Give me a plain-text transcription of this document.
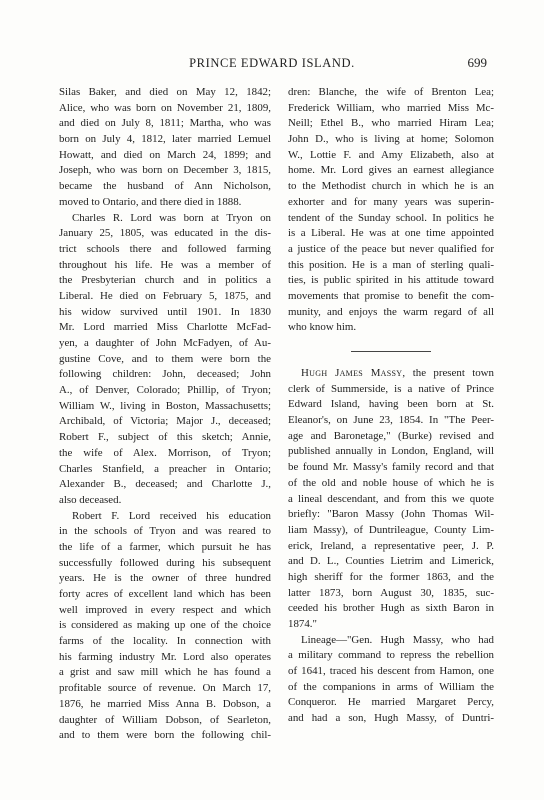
PRINCE EDWARD ISLAND.	699
Silas Baker, and died on May 12, 1842;
Alice, who was born on November 21, 1809,
and died on July 8, 1811; Martha, who was
born on July 4, 1812, later married Lemuel
Howatt, and died on March 24, 1899; and
Joseph, who was born on December 3, 1815,
became the husband of Ann Nicholson,
moved to Ontario, and there died in 1888.
Charles R. Lord was born at Tryon on
January 25, 1805, was educated in the dis-
trict schools there and followed farming
throughout his life. He was a member of
the Presbyterian church and in politics a
Liberal. He died on February 5, 1875, and
his widow survived until 1901. In 1830
Mr. Lord married Miss Charlotte McFad-
yen, a daughter of John McFadyen, of Au-
gustine Cove, and to them were born the
following children: John, deceased; John
A., of Denver, Colorado; Phillip, of Tryon;
William W., living in Boston, Massachusetts;
Archibald, of Victoria; Major J., deceased;
Robert F., subject of this sketch; Annie,
the wife of Alex. Morrison, of Tryon;
Charles Stanfield, a preacher in Ontario;
Alexander B., deceased; and Charlotte J.,
also deceased.
Robert F. Lord received his education
in the schools of Tryon and was reared to
the life of a farmer, which pursuit he has
successfully followed during his subsequent
years. He is the owner of three hundred
forty acres of excellent land which has been
well improved in every respect and which
is considered as making up one of the choice
farms of the locality. In connection with
his farming industry Mr. Lord also operates
a grist and saw mill which he has found a
profitable source of revenue. On March 17,
1876, he married Miss Anna B. Dobson, a
daughter of William Dobson, of Searleton,
and to them were born the following chil-
dren: Blanche, the wife of Brenton Lea;
Frederick William, who married Miss Mc-
Neill; Ethel B., who married Hiram Lea;
John D., who is living at home; Solomon
W., Lottie F. and Amy Elizabeth, also at
home. Mr. Lord gives an earnest allegiance
to the Methodist church in which he is an
exhorter and for many years was superin-
tendent of the Sunday school. In politics he
is a Liberal. He was at one time appointed
a justice of the peace but never qualified for
this position. He is a man of sterling quali-
ties, is public spirited in his attitude toward
movements that promise to benefit the com-
munity, and enjoys the warm regard of all
who know him.
Hugh James Massy, the present town
clerk of Summerside, is a native of Prince
Edward Island, having been born at St.
Eleanor's, on June 23, 1854. In "The Peer-
age and Baronetage," (Burke) revised and
published annually in London, England, will
be found Mr. Massy's family record and that
of the old and noble house of which he is
a lineal descendant, and from this we quote
briefly: "Baron Massy (John Thomas Wil-
liam Massy), of Duntrileague, County Lim-
erick, Ireland, a representative peer, J. P.
and D. L., Counties Lietrim and Limerick,
high sheriff for the former 1863, and the
latter 1873, born August 30, 1835, suc-
ceeded his brother Hugh as sixth Baron in
1874."
Lineage—"Gen. Hugh Massy, who had
a military command to repress the rebellion
of 1641, traced his descent from Hamon, one
of the companions in arms of William the
Conqueror. He married Margaret Percy,
and had a son, Hugh Massy, of Duntri-
